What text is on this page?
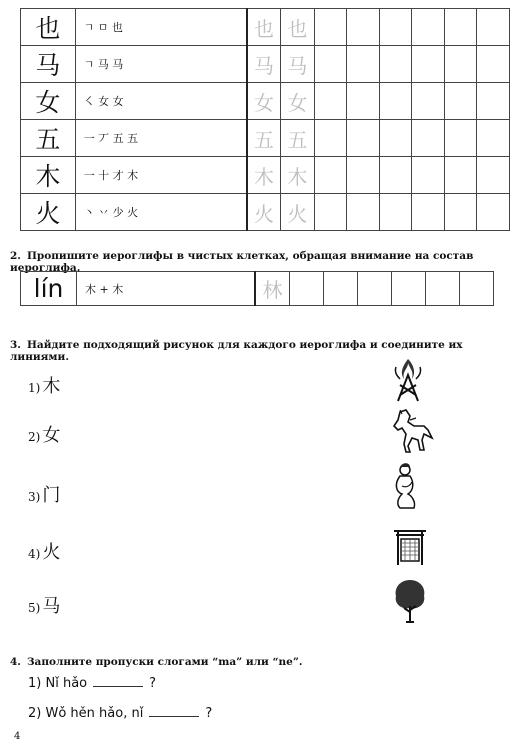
也	ㄱ ㅁ 也	也	也						
马	ㄱ 马 马	马	马						
女	㇛ 女 女	女	女						
五	一 丆 五 五	五	五						
木	一 十 才 木	木	木						
火	丶 丷 少 火	火	火						
2. Пропишите иероглифы в чистых клетках, обращая внимание на состав иероглифа.
lín	木 + 木	林						
3. Найдите подходящий рисунок для каждого иероглифа и соедините их линиями.
1) 木
2) 女
3) 门
4) 火
5) 马
4. Заполните пропуски слогами “ma” или “ne”.
1) Nǐ hǎo	?
2) Wǒ hěn hǎo, nǐ	?
4
